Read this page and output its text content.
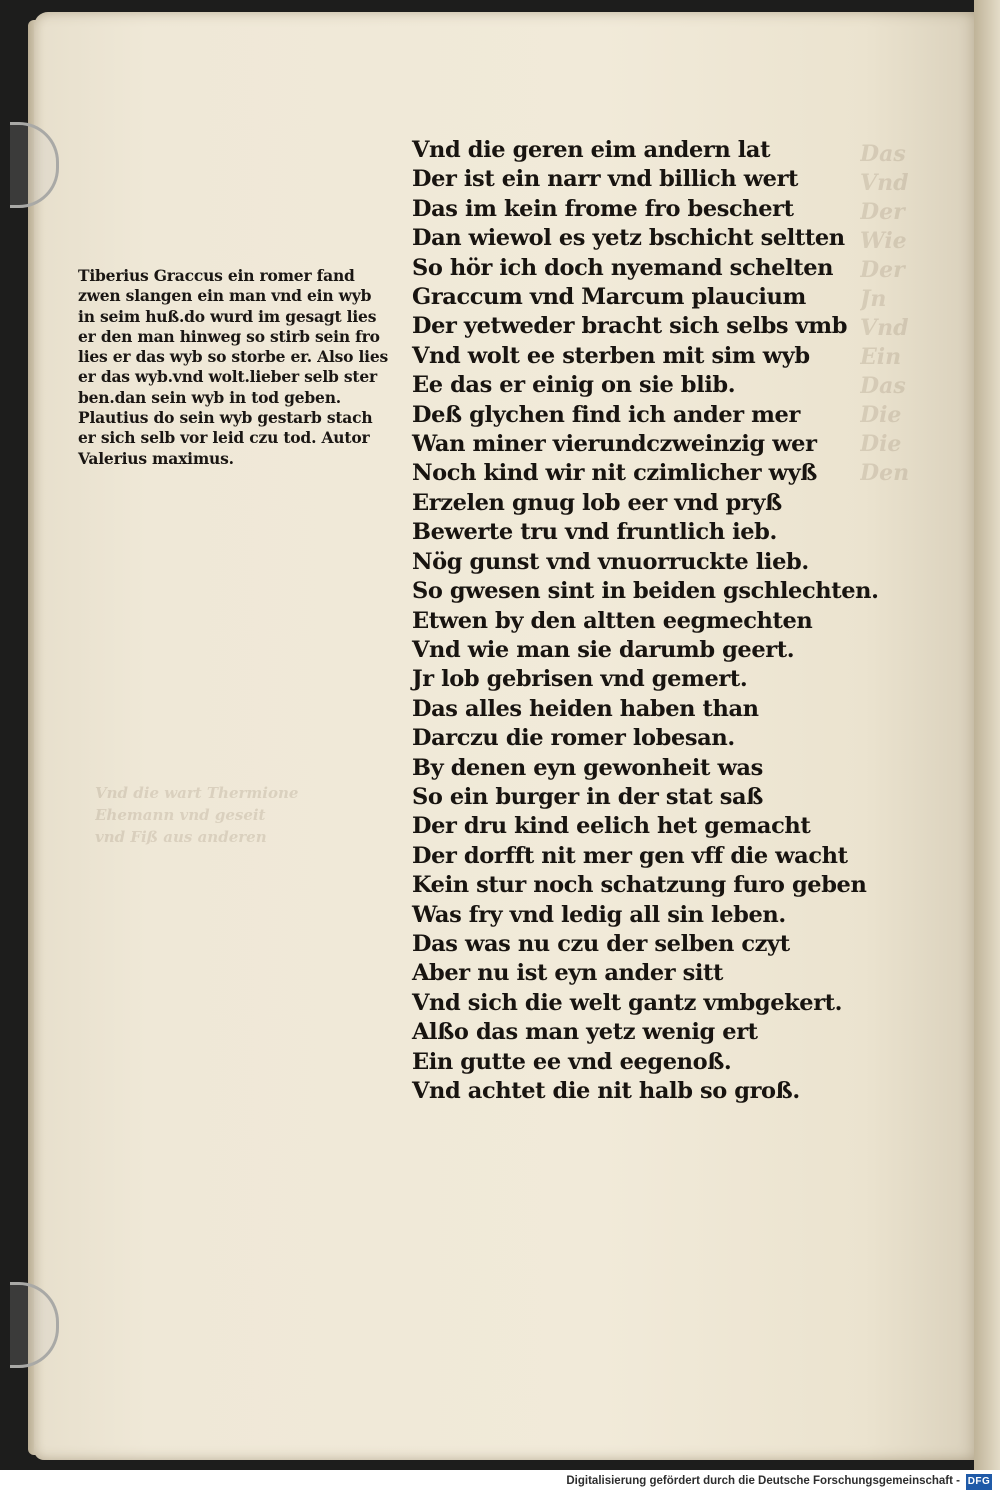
Das
Vnd
Der
Wie
Der
Jn
Vnd
Ein
Das
Die
Die
Den
Vnd die wart Thermione
Ehemann vnd geseit
vnd Fiß aus anderen
Tiberius Graccus ein romer fand
zwen slangen ein man vnd ein wyb
in seim huß.do wurd im gesagt lies
er den man hinweg so stirb sein fro
lies er das wyb so storbe er. Also lies
er das wyb.vnd wolt.lieber selb ster
ben.dan sein wyb in tod geben.
Plautius do sein wyb gestarb stach
er sich selb vor leid czu tod. Autor
Valerius maximus.
Vnd die geren eim andern lat
Der ist ein narr vnd billich wert
Das im kein frome fro beschert
Dan wiewol es yetz bschicht seltten
So hör ich doch nyemand schelten
Graccum vnd Marcum plaucium
Der yetweder bracht sich selbs vmb
Vnd wolt ee sterben mit sim wyb
Ee das er einig on sie blib.
Deß glychen find ich ander mer
Wan miner vierundczweinzig wer
Noch kind wir nit czimlicher wyß
Erzelen gnug lob eer vnd pryß
Bewerte tru vnd fruntlich ieb.
Nög gunst vnd vnuorruckte lieb.
So gwesen sint in beiden gschlechten.
Etwen by den altten eegmechten
Vnd wie man sie darumb geert.
Jr lob gebrisen vnd gemert.
Das alles heiden haben than
Darczu die romer lobesan.
By denen eyn gewonheit was
So ein burger in der stat saß
Der dru kind eelich het gemacht
Der dorfft nit mer gen vff die wacht
Kein stur noch schatzung furo geben
Was fry vnd ledig all sin leben.
Das was nu czu der selben czyt
Aber nu ist eyn ander sitt
Vnd sich die welt gantz vmbgekert.
Alßo das man yetz wenig ert
Ein gutte ee vnd eegenoß.
Vnd achtet die nit halb so groß.
Digitalisierung gefördert durch die Deutsche Forschungsgemeinschaft - DFG
